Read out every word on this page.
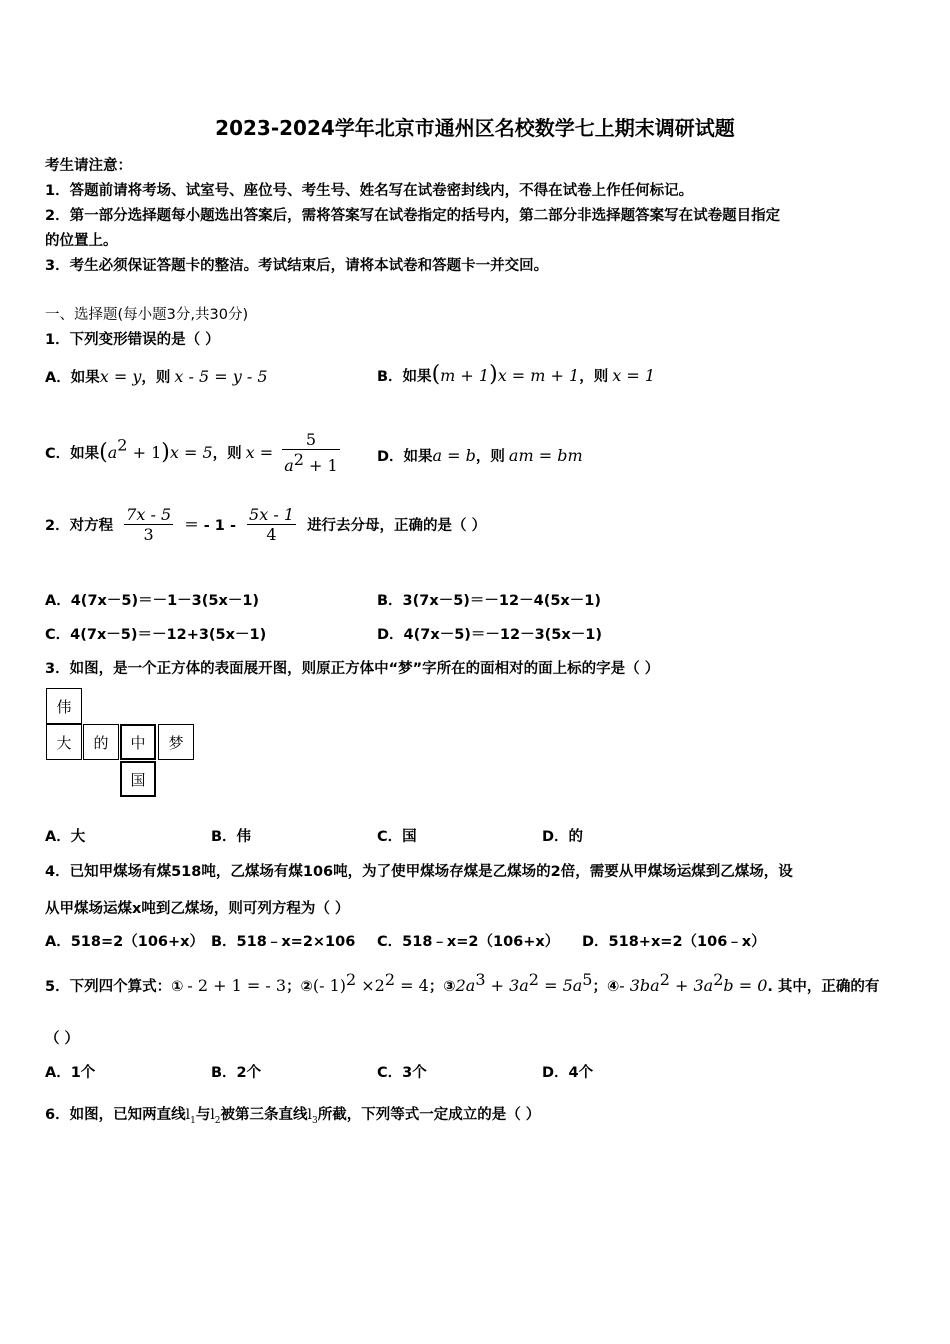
2023-2024学年北京市通州区名校数学七上期末调研试题
考生请注意：
1．答题前请将考场、试室号、座位号、考生号、姓名写在试卷密封线内，不得在试卷上作任何标记。
2．第一部分选择题每小题选出答案后，需将答案写在试卷指定的括号内，第二部分非选择题答案写在试卷题目指定
的位置上。
3．考生必须保证答题卡的整洁。考试结束后，请将本试卷和答题卡一并交回。
一、选择题(每小题3分,共30分)
1．下列变形错误的是（ ）
A．如果x = y，则 x - 5 = y - 5	B．如果(m + 1)x = m + 1，则 x = 1
C．如果$(a^2 + 1)x = 5$，则 $x = \frac{5}{a^2 + 1}$	D．如果a = b，则 am = bm
2．对方程 $\frac{7x - 5}{3}$ ＝ - $1 - \frac{5x - 1}{4}$ 进行去分母，正确的是（ ）
A．4(7x－5)＝－1－3(5x－1)	B．3(7x－5)＝－12－4(5x－1)
C．4(7x－5)＝－12+3(5x－1)	D．4(7x－5)＝－12－3(5x－1)
3．如图，是一个正方体的表面展开图，则原正方体中“梦”字所在的面相对的面上标的字是（ ）
伟
大	的	中	梦
国
A．大	B．伟	C．国	D．的
4．已知甲煤场有煤518吨，乙煤场有煤106吨，为了使甲煤场存煤是乙煤场的2倍，需要从甲煤场运煤到乙煤场，设
从甲煤场运煤x吨到乙煤场，则可列方程为（ ）
A．518=2（106+x） B．518﹣x=2×106 C．518﹣x=2（106+x） D．518+x=2（106﹣x）
5．下列四个算式：① - 2 + 1 = - 3；②(- $1)^2 \times 2^2 = 4$；$③2a^3 + 3a^2 = 5a^5$；④- $3ba^2 + 3a^2b = 0$. 其中，正确的有
（ ）
A．1个	B．2个	C．3个	D．4个
6．如图，已知两直线$l_1$与$l_2$被第三条直线$l_3$所截，下列等式一定成立的是（ ）
